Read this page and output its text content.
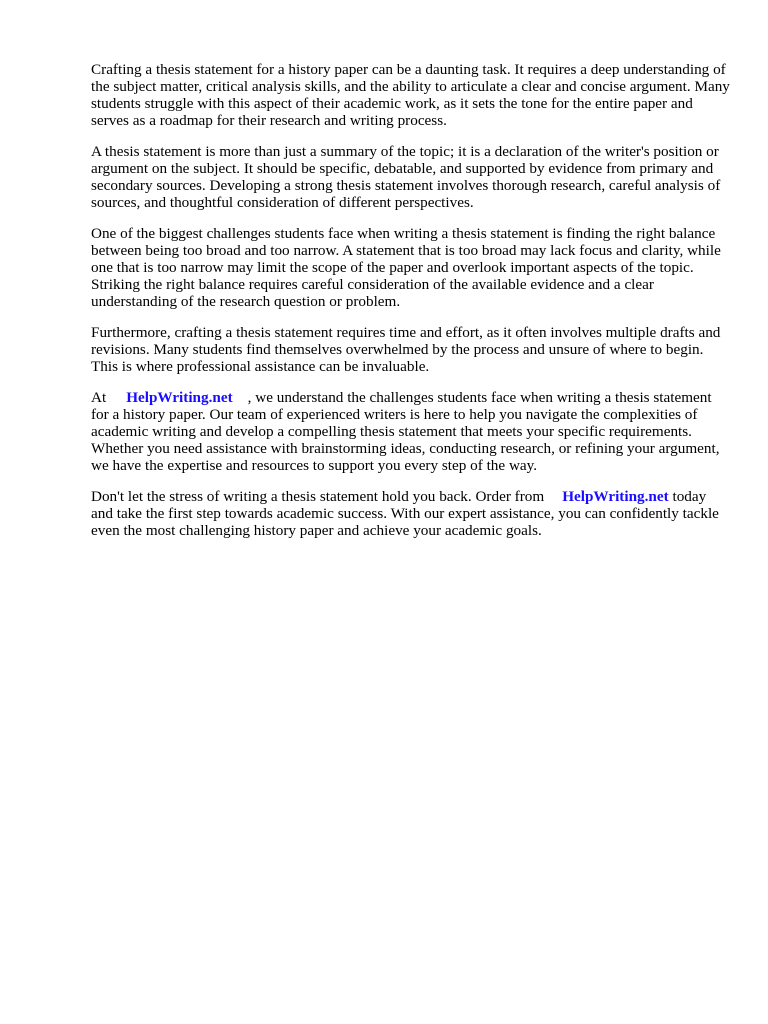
Crafting a thesis statement for a history paper can be a daunting task. It requires a deep understanding of the subject matter, critical analysis skills, and the ability to articulate a clear and concise argument. Many students struggle with this aspect of their academic work, as it sets the tone for the entire paper and serves as a roadmap for their research and writing process.

A thesis statement is more than just a summary of the topic; it is a declaration of the writer's position or argument on the subject. It should be specific, debatable, and supported by evidence from primary and secondary sources. Developing a strong thesis statement involves thorough research, careful analysis of sources, and thoughtful consideration of different perspectives.

One of the biggest challenges students face when writing a thesis statement is finding the right balance between being too broad and too narrow. A statement that is too broad may lack focus and clarity, while one that is too narrow may limit the scope of the paper and overlook important aspects of the topic. Striking the right balance requires careful consideration of the available evidence and a clear understanding of the research question or problem.

Furthermore, crafting a thesis statement requires time and effort, as it often involves multiple drafts and revisions. Many students find themselves overwhelmed by the process and unsure of where to begin. This is where professional assistance can be invaluable.

At HelpWriting.net , we understand the challenges students face when writing a thesis statement for a history paper. Our team of experienced writers is here to help you navigate the complexities of academic writing and develop a compelling thesis statement that meets your specific requirements. Whether you need assistance with brainstorming ideas, conducting research, or refining your argument, we have the expertise and resources to support you every step of the way.

Don't let the stress of writing a thesis statement hold you back. Order from HelpWriting.net today and take the first step towards academic success. With our expert assistance, you can confidently tackle even the most challenging history paper and achieve your academic goals.
